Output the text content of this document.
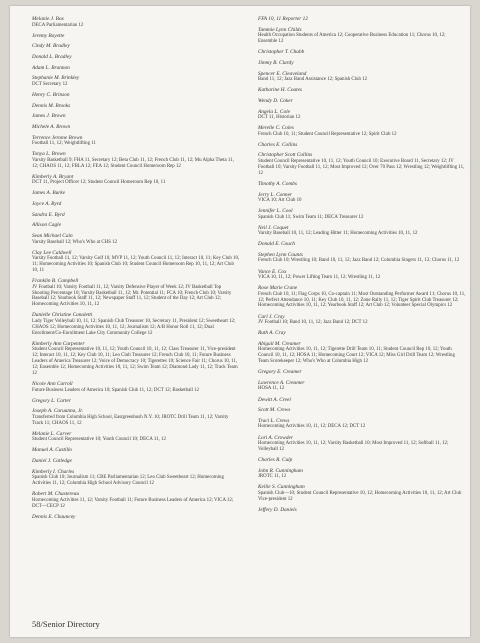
Melanie J. Box
DECA Parliamentarian 12
Jeremy Boyette
Cindy M. Bradley
Donald L. Bradley
Adam L. Brannon
Stephanie M. Brinkley
DCT Secretary 12
Henry C. Brinson
Dennis M. Brooks
James J. Brown
Michele A. Brown
Terrence Jerome Brown
Football 11, 12; Weightlifting 11
Tonya L. Brown
Varsity Basketball 9; FHA 11, Secretary 12; Beta Club 11, 12; French Club 11, 12; Mu Alpha Theta 11, 12; CHAOS 11, 12; FBLA 12; FEA 12; Student Council Homeroom Rep 12
Kimberly A. Bryant
DCT 11, Project Officer 12; Student Council Homeroom Rep 10, 11
James A. Burke
Joyce A. Byrd
Sandra E. Byrd
Allison Cagle
Sean Michael Cain
Varsity Baseball 12; Who's Who at CHS 12
Clay Lee Caldwell
Varsity Football 11, 12; Varsity Golf 10, MVP 11, 12; Youth Council 11, 12; Interact 10, 11; Key Club 10, 11; Homecoming Activities 10; Spanish Club 10; Student Council Homeroom Rep 10, 11, 12; Art Club 10, 11
Franklin B. Campbell
JV Football 10; Varsity Football 11, 12; Varsity Defensive Player of Week 12; JV Basketball Top Shooting Percentage 10; Varsity Basketball 11, 12; Mr. Potential 11; FCA 10; French Club 10; Varsity Baseball 12; Yearbook Staff 11, 12; Newspaper Staff 11, 12; Student of the Day 12; Art Club 12; Homecoming Activities 10, 11, 12
Danielle Christine Canaletti
Lady Tiger Volleyball 10, 11, 12; Spanish Club Treasurer 10, Secretary 11, President 12; Sweetheart 12; CHAOS 12; Homecoming Activities 10, 11, 12; Journalism 12; A/B Honor Roll 11, 12; Dual Enrollment/Co-Enrollment Lake City Community College 12
Kimberly Ann Carpenter
Student Council Representative 10, 11, 12; Youth Council 10, 11, 12; Class Treasurer 11, Vice-president 12; Interact 10, 11, 12; Key Club 10, 11; Leo Club Treasurer 12; French Club 10, 11; Future Business Leaders of America Treasurer 12; Voice of Democracy 10; Tigerettes 10; Science Fair 11; Chorus 10, 11, 12; Ensemble 12; Homecoming Activities 10, 11, 12; Swim Team 12; Diamond Lady 11, 12; Track Team 12
Nicole Ann Carroll
Future Business Leaders of America 10; Spanish Club 11, 12; DCT 12; Basketball 12
Gregory L. Carter
Joseph A. Caruanna, Jr.
Transferred from Columbia High School, Eastgreenbush N.Y. 10; JROTC Drill Team 11, 12; Varsity Track 11; CHAOS 11, 12
Melanie L. Carver
Student Council Representative 10; Youth Council 10; DECA 11, 12
Manuel A. Castillo
Daniel J. Catledge
Kimberly I. Charles
Spanish Club 10; Journalism 11; CBE Parliamentarian 12; Leo Club Sweetheart 12; Homecoming Activities 11, 12; Columbia High School Advisory Council 12
Robert M. Chastereau
Homecoming Activities 11, 12; Varsity Football 11; Future Business Leaders of America 12; VICA 12; DCT—CECP 12
Dennis E. Chauncey
FFA 10, 11 Reporter 12
Tammie Lynn Childs
Health Occupation Students of America 12; Cooperative Business Education 11; Chorus 10, 12; Ensemble 12
Christopher T. Chubb
Jimmy B. Clardy
Spencer E. Cleaveland
Band 11, 12; Jazz Band Assistance 12; Spanish Club 12
Katharine H. Coates
Wendy D. Coker
Angela L. Cole
DCT 11, Historian 12
Merelle C. Coles
French Club 10, 11; Student Council Representative 12; Spirit Club 12
Charles E. Collins
Christopher Scott Collins
Student Council Representative 10, 11, 12; Youth Council 10; Executive Board 11, Secretary 12; JV Football 10; Varsity Football 11, 12; Most Improved 12; Over 70 Pass 12; Wrestling 12; Weightlifting 11, 12
Timothy A. Combs
Jerry L. Conner
VICA 10; Art Club 10
Jennifer L. Cool
Spanish Club 11; Swim Team 11; DECA Treasurer 12
Neil J. Coquet
Varsity Baseball 10, 11, 12; Leading Hitter 11; Homecoming Activities 10, 11, 12
Donald E. Couch
Stephen Lynn Counts
French Club 10; Wrestling 10; Band 10, 11, 12; Jazz Band 12; Columbia Singers 11, 12; Chorus 11, 12
Vance E. Cox
VICA 10, 11, 12; Power Lifting Team 11, 12; Wrestling 11, 12
Rose Marie Crane
French Club 10, 11; Flag Corps 10, Co-captain 11; Most Outstanding Performer Award 11; Chorus 10, 11, 12; Perfect Attendance 10, 11; Key Club 10, 11, 12; Zone Rally 11, 12; Tiger Spirit Club Treasurer 12; Homecoming Activities 10, 11, 12; Yearbook Staff 12; Art Club 12; Volunteer Special Olympics 12
Carl J. Cray
JV Football 10; Band 10, 11, 12; Jazz Band 12; DCT 12
Ruth A. Cray
Abigail M. Creamer
Homecoming Activities 10, 11, 12; Tigerette Drill Team 10, 11; Student Council Rep 10, 12; Youth Council 10, 11, 12; HOSA 11; Homecoming Court 12; VICA 12; Miss Girl Drill Team 12; Wrestling Team Scorekeeper 12; Who's Who at Columbia High 12
Gregory E. Creamer
Lawrence A. Creamer
HOSA 11, 12
Dewitt A. Creel
Scott M. Crews
Traci L. Crews
Homecoming Activities 10, 11, 12; DECA 12; DCT 12
Lori A. Crowder
Homecoming Activities 10, 11, 12; Varsity Basketball 10; Most Improved 11, 12; Softball 11, 12; Volleyball 12
Charles R. Culp
John R. Cunningham
JROTC 11, 12
Kellie S. Cunningham
Spanish Club—10; Student Council Representative 10, 12; Homecoming Activities 10, 11, 12; Art Club Vice-president 12
Jeffery D. Daniels
58/Senior Directory
